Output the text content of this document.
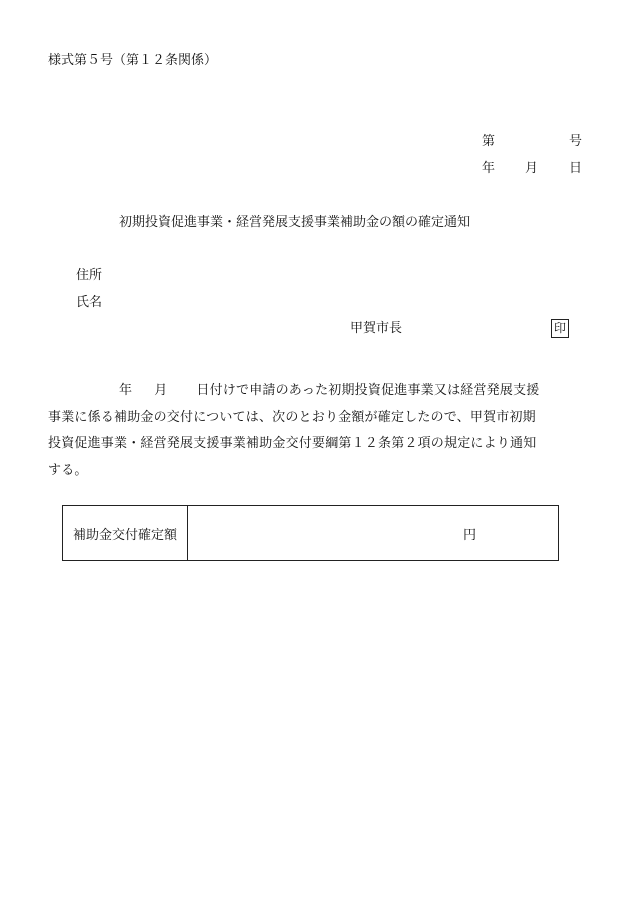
様式第５号（第１２条関係）
第	号
年 月 日
初期投資促進事業・経営発展支援事業補助金の額の確定通知
住所
氏名
甲賀市長	印
年 月 日付けで申請のあった初期投資促進事業又は経営発展支援
事業に係る補助金の交付については、次のとおり金額が確定したので、甲賀市初期
投資促進事業・経営発展支援事業補助金交付要綱第１２条第２項の規定により通知
する。
補助金交付確定額	円
